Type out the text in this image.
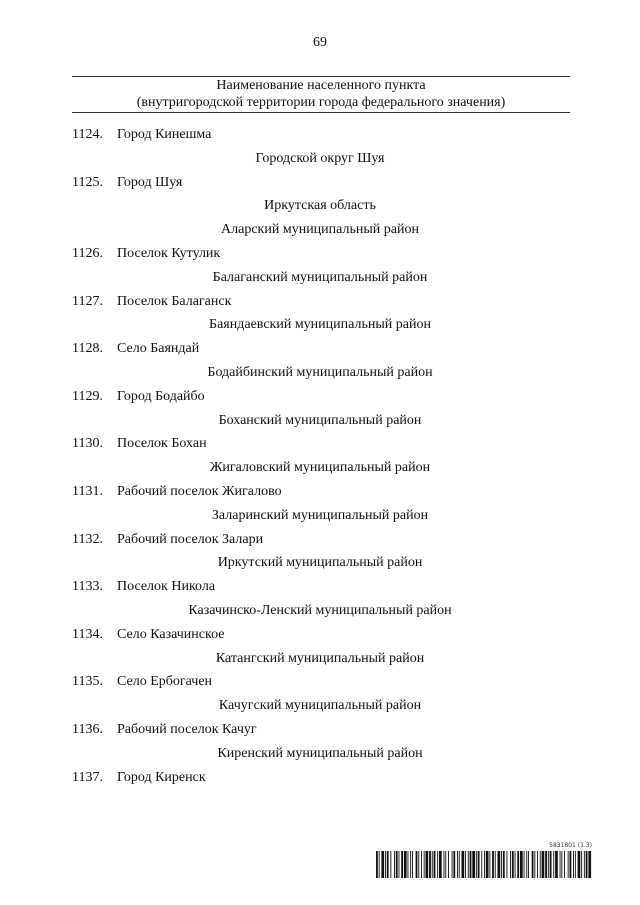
69
Наименование населенного пункта
(внутригородской территории города федерального значения)
1124. Город Кинешма
Городской округ Шуя
1125. Город Шуя
Иркутская область
Аларский муниципальный район
1126. Поселок Кутулик
Балаганский муниципальный район
1127. Поселок Балаганск
Баяндаевский муниципальный район
1128. Село Баяндай
Бодайбинский муниципальный район
1129. Город Бодайбо
Боханский муниципальный район
1130. Поселок Бохан
Жигаловский муниципальный район
1131. Рабочий поселок Жигалово
Заларинский муниципальный район
1132. Рабочий поселок Залари
Иркутский муниципальный район
1133. Поселок Никола
Казачинско-Ленский муниципальный район
1134. Село Казачинское
Катангский муниципальный район
1135. Село Ербогачен
Качугский муниципальный район
1136. Рабочий поселок Качуг
Киренский муниципальный район
1137. Город Киренск
5831801 (1.3)
